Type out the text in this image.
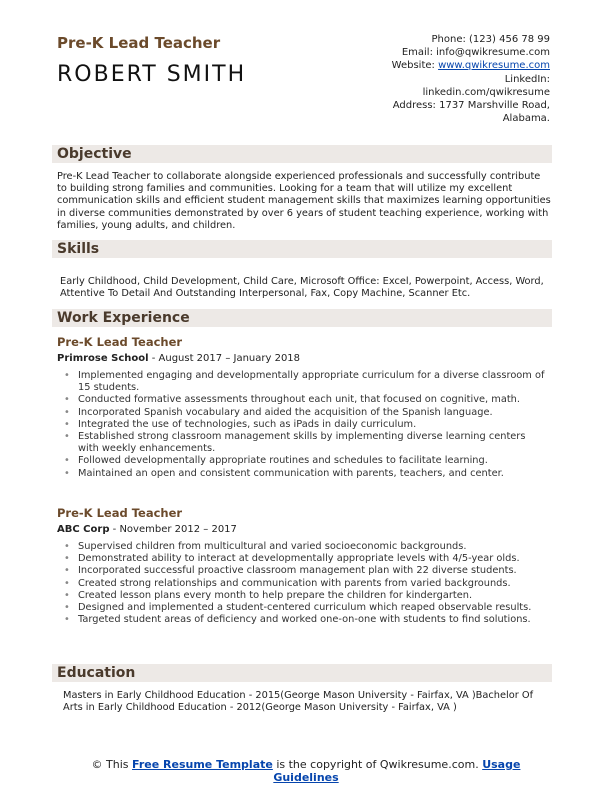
Pre-K Lead Teacher
ROBERT SMITH
Phone: (123) 456 78 99
Email: info@qwikresume.com
Website: www.qwikresume.com
LinkedIn:
linkedin.com/qwikresume
Address: 1737 Marshville Road,
Alabama.
Objective
Pre-K Lead Teacher to collaborate alongside experienced professionals and successfully contribute to building strong families and communities. Looking for a team that will utilize my excellent communication skills and efficient student management skills that maximizes learning opportunities in diverse communities demonstrated by over 6 years of student teaching experience, working with families, young adults, and children.
Skills
Early Childhood, Child Development, Child Care, Microsoft Office: Excel, Powerpoint, Access, Word, Attentive To Detail And Outstanding Interpersonal, Fax, Copy Machine, Scanner Etc.
Work Experience
Pre-K Lead Teacher
Primrose School - August 2017 – January 2018
• Implemented engaging and developmentally appropriate curriculum for a diverse classroom of 15 students.
• Conducted formative assessments throughout each unit, that focused on cognitive, math.
• Incorporated Spanish vocabulary and aided the acquisition of the Spanish language.
• Integrated the use of technologies, such as iPads in daily curriculum.
• Established strong classroom management skills by implementing diverse learning centers with weekly enhancements.
• Followed developmentally appropriate routines and schedules to facilitate learning.
• Maintained an open and consistent communication with parents, teachers, and center.
Pre-K Lead Teacher
ABC Corp - November 2012 – 2017
• Supervised children from multicultural and varied socioeconomic backgrounds.
• Demonstrated ability to interact at developmentally appropriate levels with 4/5-year olds.
• Incorporated successful proactive classroom management plan with 22 diverse students.
• Created strong relationships and communication with parents from varied backgrounds.
• Created lesson plans every month to help prepare the children for kindergarten.
• Designed and implemented a student-centered curriculum which reaped observable results.
• Targeted student areas of deficiency and worked one-on-one with students to find solutions.
Education
Masters in Early Childhood Education - 2015(George Mason University - Fairfax, VA )Bachelor Of Arts in Early Childhood Education - 2012(George Mason University - Fairfax, VA )
© This Free Resume Template is the copyright of Qwikresume.com. Usage Guidelines
